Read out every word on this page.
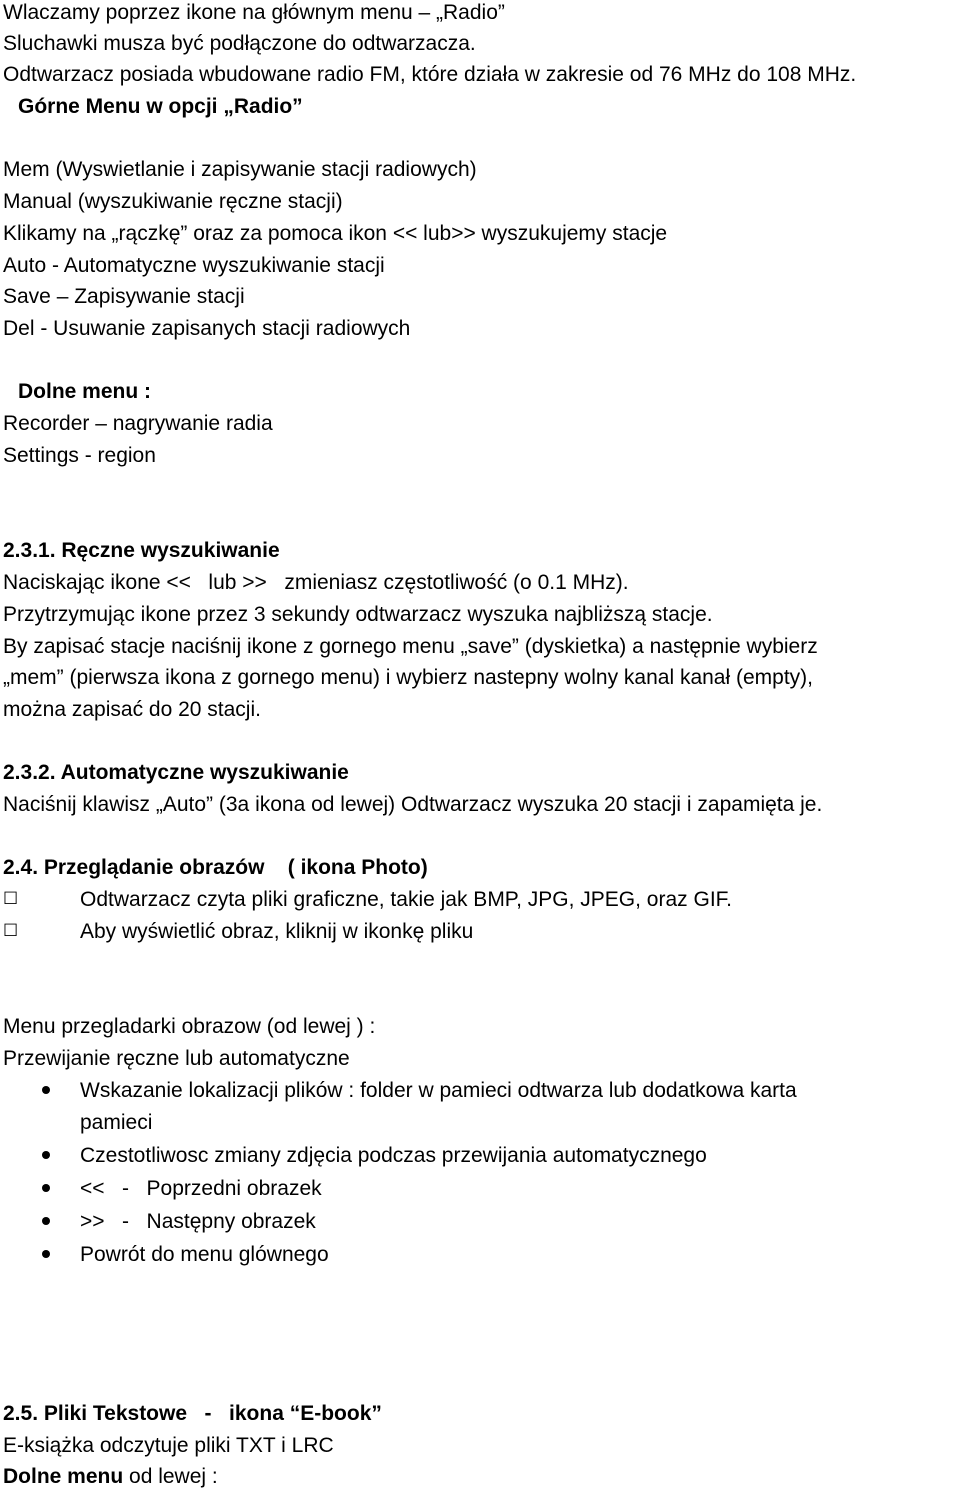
Wlaczamy poprzez ikone na głównym menu – „Radio”
Sluchawki musza być podłączone do odtwarzacza.
Odtwarzacz posiada wbudowane radio FM, które działa w zakresie od 76 MHz do 108 MHz.
Górne Menu w opcji „Radio”
Mem (Wyswietlanie i zapisywanie stacji radiowych)
Manual (wyszukiwanie ręczne stacji)
Klikamy na „rączkę” oraz za pomoca ikon << lub>> wyszukujemy stacje
Auto - Automatyczne wyszukiwanie stacji
Save – Zapisywanie stacji
Del - Usuwanie zapisanych stacji radiowych
Dolne menu :
Recorder – nagrywanie radia
Settings - region
2.3.1. Ręczne wyszukiwanie
Naciskając ikone <<   lub >>   zmieniasz częstotliwość (o 0.1 MHz).
Przytrzymując ikone przez 3 sekundy odtwarzacz wyszuka najbliższą stacje.
By zapisać stacje naciśnij ikone z gornego menu „save” (dyskietka) a następnie wybierz
„mem” (pierwsza ikona z gornego menu) i wybierz nastepny wolny kanal kanał (empty),
można zapisać do 20 stacji.
2.3.2. Automatyczne wyszukiwanie
Naciśnij klawisz „Auto” (3a ikona od lewej) Odtwarzacz wyszuka 20 stacji i zapamięta je.
2.4. Przeglądanie obrazów    ( ikona Photo)
☐	Odtwarzacz czyta pliki graficzne, takie jak BMP, JPG, JPEG, oraz GIF.
☐	Aby wyświetlić obraz, kliknij w ikonkę pliku
Menu przegladarki obrazow (od lewej ) :
Przewijanie ręczne lub automatyczne
Wskazanie lokalizacji plików : folder w pamieci odtwarza lub dodatkowa karta
pamieci
Czestotliwosc zmiany zdjęcia podczas przewijania automatycznego
<<   -   Poprzedni obrazek
>>   -   Następny obrazek
Powrót do menu glównego
2.5. Pliki Tekstowe   -   ikona “E-book”
E-książka odczytuje pliki TXT i LRC
Dolne menu od lewej :
